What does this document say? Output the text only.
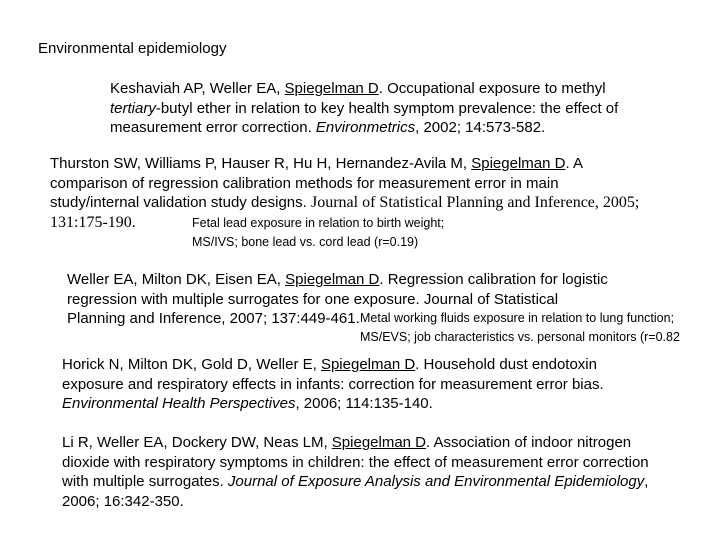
Environmental epidemiology
Keshaviah AP, Weller EA, Spiegelman D. Occupational exposure to methyl
tertiary-butyl ether in relation to key health symptom prevalence: the effect of
measurement error correction. Environmetrics, 2002; 14:573-582.
Thurston SW, Williams P, Hauser R, Hu H, Hernandez-Avila M, Spiegelman D. A
comparison of regression calibration methods for measurement error in main
study/internal validation study designs. Journal of Statistical Planning and Inference, 2005;
131:175-190.	Fetal lead exposure in relation to birth weight;
MS/IVS; bone lead vs. cord lead (r=0.19)
Weller EA, Milton DK, Eisen EA, Spiegelman D. Regression calibration for logistic
regression with multiple surrogates for one exposure. Journal of Statistical
Planning and Inference, 2007; 137:449-461. Metal working fluids exposure in relation to lung function;
MS/EVS; job characteristics vs. personal monitors (r=0.82
Horick N, Milton DK, Gold D, Weller E, Spiegelman D. Household dust endotoxin
exposure and respiratory effects in infants: correction for measurement error bias.
Environmental Health Perspectives, 2006; 114:135-140.
Li R, Weller EA, Dockery DW, Neas LM, Spiegelman D. Association of indoor nitrogen
dioxide with respiratory symptoms in children: the effect of measurement error correction
with multiple surrogates. Journal of Exposure Analysis and Environmental Epidemiology,
2006; 16:342-350.
